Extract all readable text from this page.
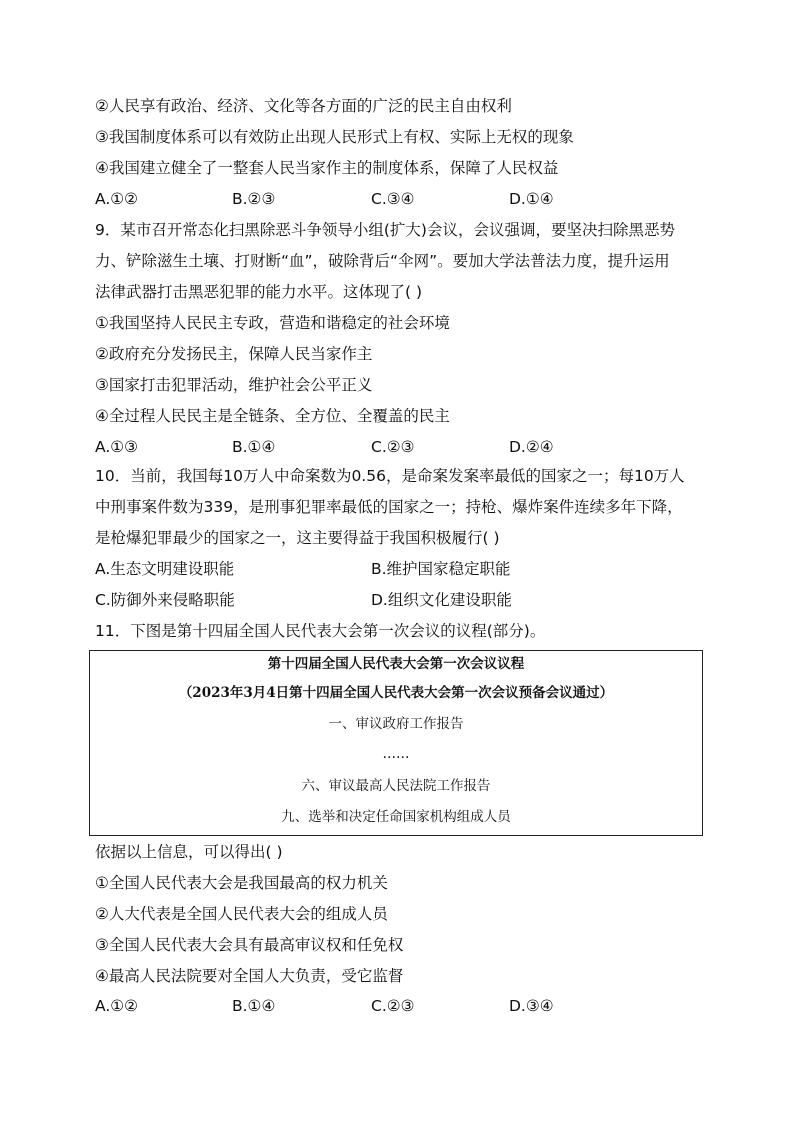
②人民享有政治、经济、文化等各方面的广泛的民主自由权利
③我国制度体系可以有效防止出现人民形式上有权、实际上无权的现象
④我国建立健全了一整套人民当家作主的制度体系，保障了人民权益
A.①②	B.②③	C.③④	D.①④
9．某市召开常态化扫黑除恶斗争领导小组(扩大)会议，会议强调，要坚决扫除黑恶势
力、铲除滋生土壤、打财断“血”，破除背后“伞网”。要加大学法普法力度，提升运用
法律武器打击黑恶犯罪的能力水平。这体现了( )
①我国坚持人民民主专政，营造和谐稳定的社会环境
②政府充分发扬民主，保障人民当家作主
③国家打击犯罪活动，维护社会公平正义
④全过程人民民主是全链条、全方位、全覆盖的民主
A.①③	B.①④	C.②③	D.②④
10．当前，我国每10万人中命案数为0.56，是命案发案率最低的国家之一；每10万人
中刑事案件数为339，是刑事犯罪率最低的国家之一；持枪、爆炸案件连续多年下降，
是枪爆犯罪最少的国家之一，这主要得益于我国积极履行( )
A.生态文明建设职能	B.维护国家稳定职能
C.防御外来侵略职能	D.组织文化建设职能
11．下图是第十四届全国人民代表大会第一次会议的议程(部分)。
第十四届全国人民代表大会第一次会议议程
（2023年3月4日第十四届全国人民代表大会第一次会议预备会议通过）
一、审议政府工作报告
……
六、审议最高人民法院工作报告
九、选举和决定任命国家机构组成人员
依据以上信息，可以得出( )
①全国人民代表大会是我国最高的权力机关
②人大代表是全国人民代表大会的组成人员
③全国人民代表大会具有最高审议权和任免权
④最高人民法院要对全国人大负责，受它监督
A.①②	B.①④	C.②③	D.③④
